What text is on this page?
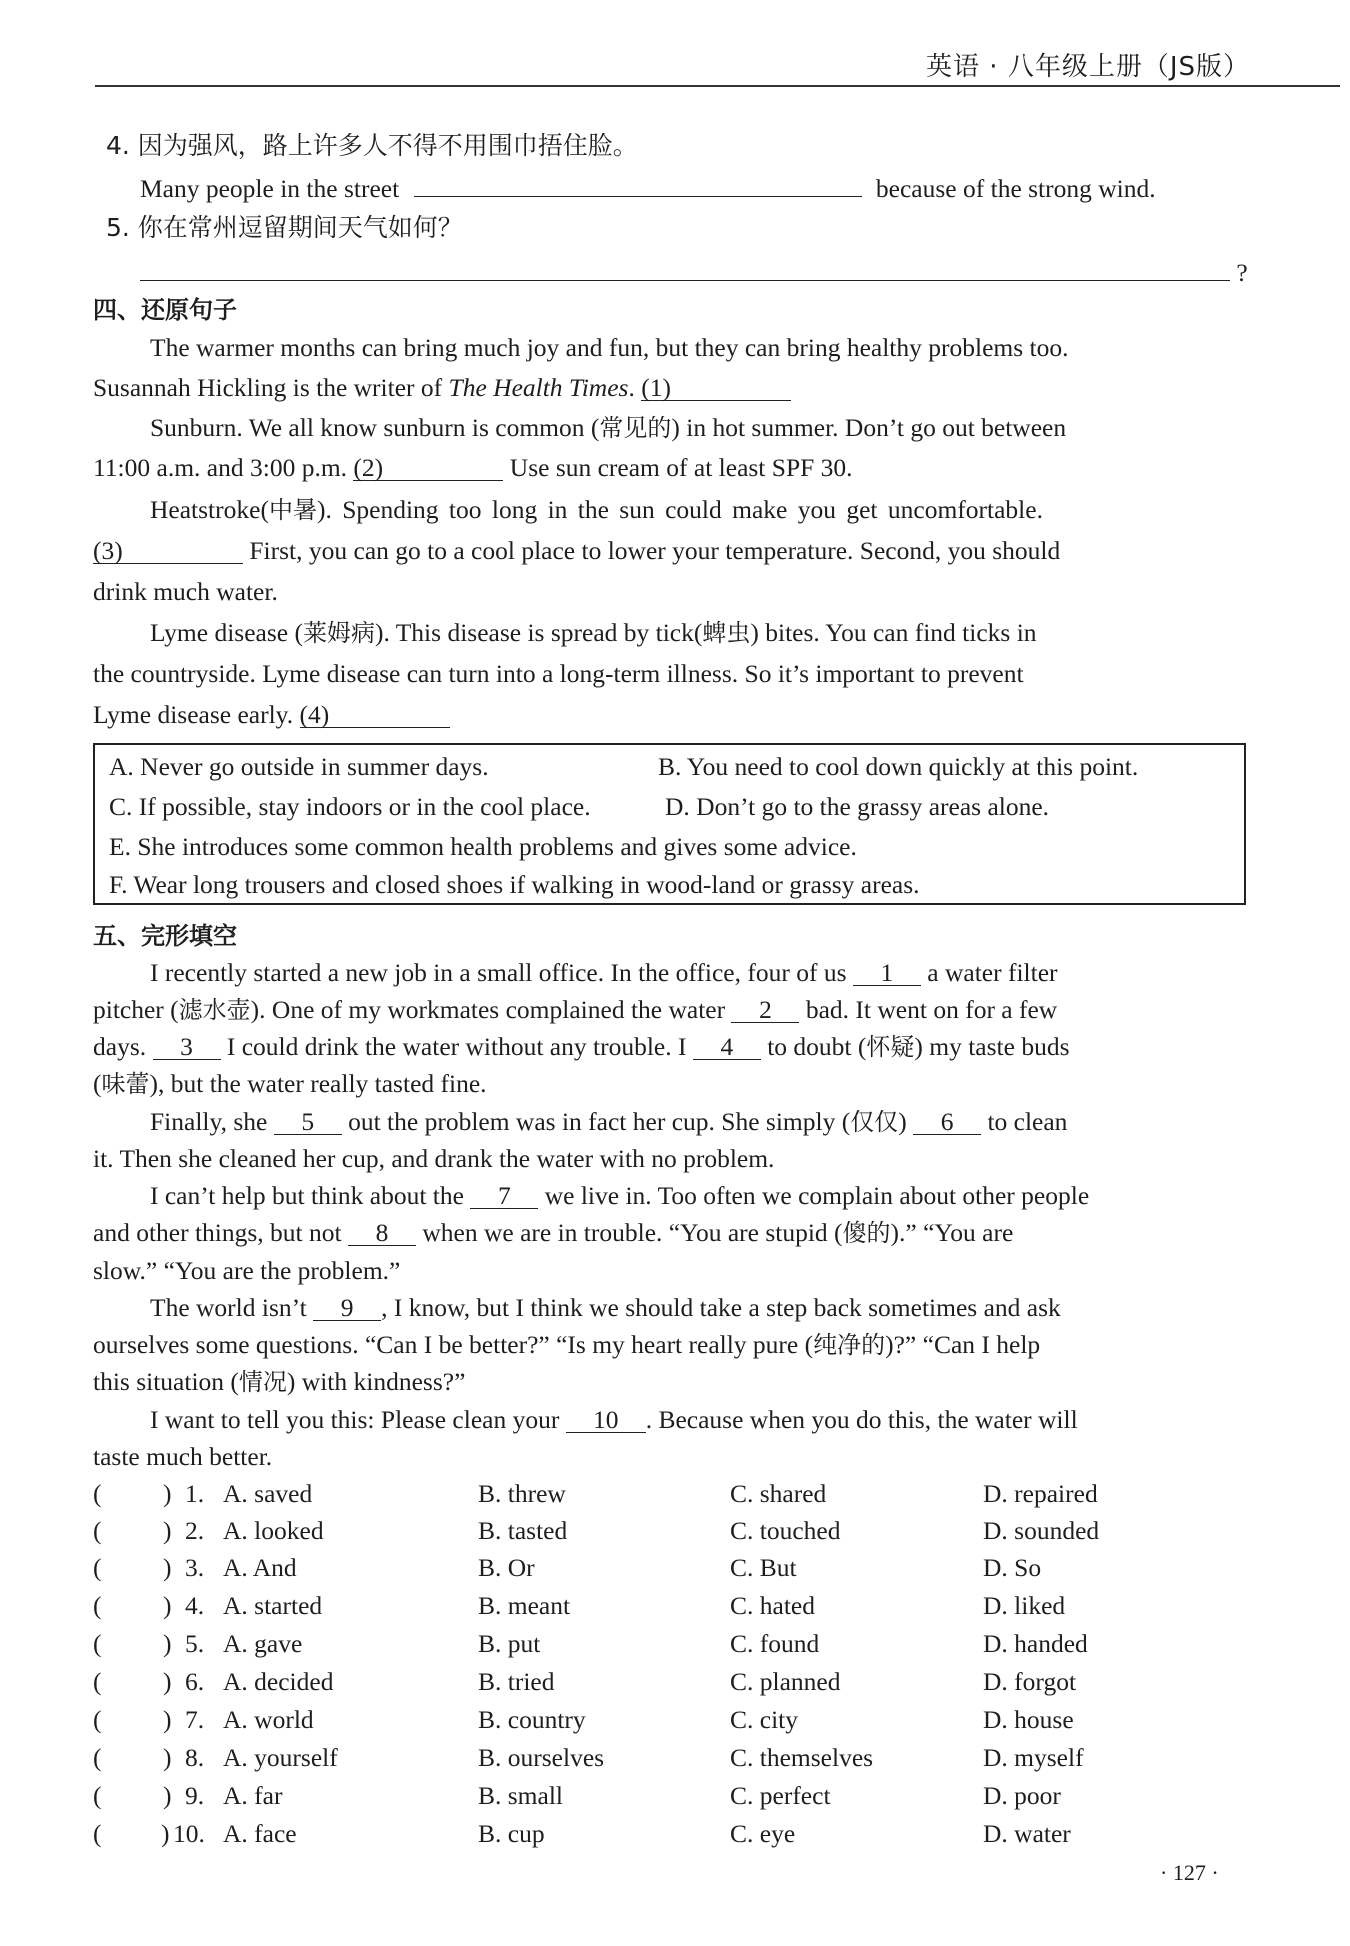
英语 · 八年级上册（JS版）
4. 因为强风，路上许多人不得不用围巾捂住脸。
Many people in the street	because of the strong wind.
5. 你在常州逗留期间天气如何？
?
四、还原句子
The warmer months can bring much joy and fun, but they can bring healthy problems too.
Susannah Hickling is the writer of The Health Times. (1)
Sunburn. We all know sunburn is common (常见的) in hot summer. Don’t go out between
11:00 a.m. and 3:00 p.m. (2)	Use sun cream of at least SPF 30.
Heatstroke(中暑). Spending too long in the sun could make you get uncomfortable.
(3)	First, you can go to a cool place to lower your temperature. Second, you should
drink much water.
Lyme disease (莱姆病). This disease is spread by tick(蜱虫) bites. You can find ticks in
the countryside. Lyme disease can turn into a long-term illness. So it’s important to prevent
Lyme disease early. (4)
A. Never go outside in summer days.	B. You need to cool down quickly at this point.
C. If possible, stay indoors or in the cool place.	D. Don’t go to the grassy areas alone.
E. She introduces some common health problems and gives some advice.
F. Wear long trousers and closed shoes if walking in wood-land or grassy areas.
五、完形填空
I recently started a new job in a small office. In the office, four of us 1 a water filter
pitcher (滤水壶). One of my workmates complained the water 2 bad. It went on for a few
days. 3 I could drink the water without any trouble. I 4 to doubt (怀疑) my taste buds
(味蕾), but the water really tasted fine.
Finally, she 5 out the problem was in fact her cup. She simply (仅仅) 6 to clean
it. Then she cleaned her cup, and drank the water with no problem.
I can’t help but think about the 7 we live in. Too often we complain about other people
and other things, but not 8 when we are in trouble. “You are stupid (傻的).” “You are
slow.” “You are the problem.”
The world isn’t 9 , I know, but I think we should take a step back sometimes and ask
ourselves some questions. “Can I be better?” “Is my heart really pure (纯净的)?” “Can I help
this situation (情况) with kindness?”
I want to tell you this: Please clean your 10 . Because when you do this, the water will
taste much better.
( ) 1. A. saved	B. threw	C. shared	D. repaired
( ) 2. A. looked	B. tasted	C. touched	D. sounded
( ) 3. A. And	B. Or	C. But	D. So
( ) 4. A. started	B. meant	C. hated	D. liked
( ) 5. A. gave	B. put	C. found	D. handed
( ) 6. A. decided	B. tried	C. planned	D. forgot
( ) 7. A. world	B. country	C. city	D. house
( ) 8. A. yourself	B. ourselves	C. themselves	D. myself
( ) 9. A. far	B. small	C. perfect	D. poor
( ) 10. A. face	B. cup	C. eye	D. water
· 127 ·
